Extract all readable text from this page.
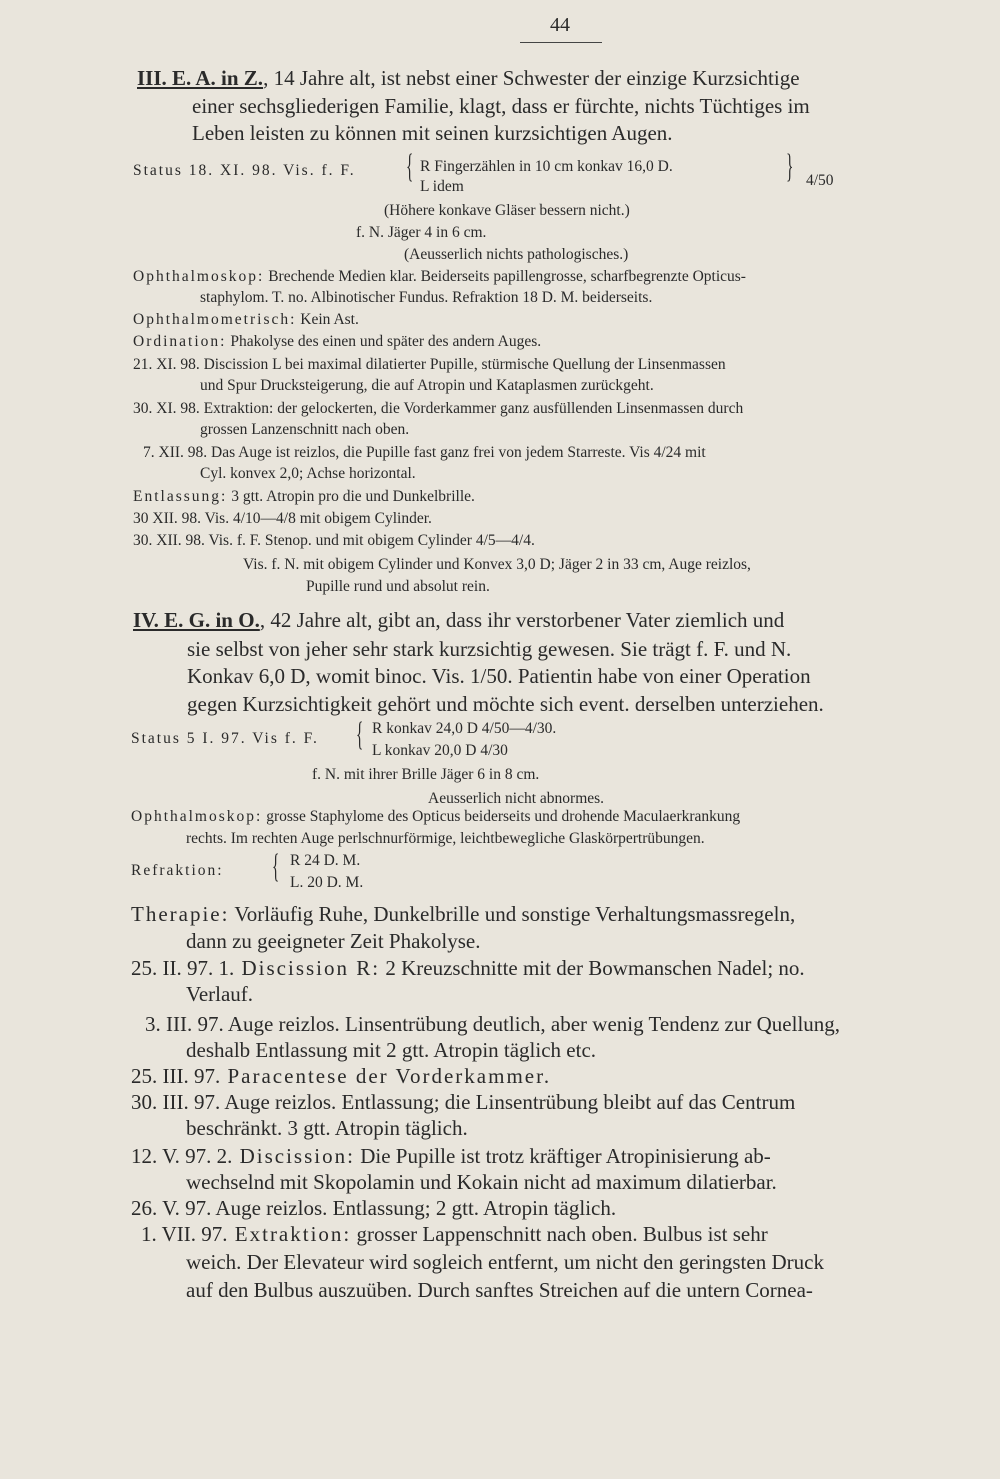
44
III. E. A. in Z., 14 Jahre alt, ist nebst einer Schwester der einzige Kurzsichtige
einer sechsgliederigen Familie, klagt, dass er fürchte, nichts Tüchtiges im
Leben leisten zu können mit seinen kurzsichtigen Augen.
Status 18. XI. 98. Vis. f. F. { R Fingerzählen in 10 cm konkav 16,0 D.
L idem
} 4/50
(Höhere konkave Gläser bessern nicht.)
f. N. Jäger 4 in 6 cm.
(Aeusserlich nichts pathologisches.)
Ophthalmoskop: Brechende Medien klar. Beiderseits papillengrosse, scharfbegrenzte Opticus-
staphylom. T. no. Albinotischer Fundus. Refraktion 18 D. M. beiderseits.
Ophthalmometrisch: Kein Ast.
Ordination: Phakolyse des einen und später des andern Auges.
21. XI. 98. Discission L bei maximal dilatierter Pupille, stürmische Quellung der Linsenmassen
und Spur Drucksteigerung, die auf Atropin und Kataplasmen zurückgeht.
30. XI. 98. Extraktion: der gelockerten, die Vorderkammer ganz ausfüllenden Linsenmassen durch
grossen Lanzenschnitt nach oben.
7. XII. 98. Das Auge ist reizlos, die Pupille fast ganz frei von jedem Starreste. Vis 4/24 mit
Cyl. konvex 2,0; Achse horizontal.
Entlassung: 3 gtt. Atropin pro die und Dunkelbrille.
30 XII. 98. Vis. 4/10—4/8 mit obigem Cylinder.
30. XII. 98. Vis. f. F. Stenop. und mit obigem Cylinder 4/5—4/4.
Vis. f. N. mit obigem Cylinder und Konvex 3,0 D; Jäger 2 in 33 cm, Auge reizlos,
Pupille rund und absolut rein.
IV. E. G. in O., 42 Jahre alt, gibt an, dass ihr verstorbener Vater ziemlich und
sie selbst von jeher sehr stark kurzsichtig gewesen. Sie trägt f. F. und N.
Konkav 6,0 D, womit binoc. Vis. 1/50. Patientin habe von einer Operation
gegen Kurzsichtigkeit gehört und möchte sich event. derselben unterziehen.
Status 5 I. 97. Vis f. F. { R konkav 24,0 D 4/50—4/30.
L konkav 20,0 D 4/30
f. N. mit ihrer Brille Jäger 6 in 8 cm.
Aeusserlich nicht abnormes.
Ophthalmoskop: grosse Staphylome des Opticus beiderseits und drohende Maculaerkrankung
rechts. Im rechten Auge perlschnurförmige, leichtbewegliche Glaskörpertrübungen.
Refraktion: { R 24 D. M.
L. 20 D. M.
Therapie: Vorläufig Ruhe, Dunkelbrille und sonstige Verhaltungsmassregeln,
dann zu geeigneter Zeit Phakolyse.
25. II. 97. 1. Discission R: 2 Kreuzschnitte mit der Bowmanschen Nadel; no.
Verlauf.
3. III. 97. Auge reizlos. Linsentrübung deutlich, aber wenig Tendenz zur Quellung,
deshalb Entlassung mit 2 gtt. Atropin täglich etc.
25. III. 97. Paracentese der Vorderkammer.
30. III. 97. Auge reizlos. Entlassung; die Linsentrübung bleibt auf das Centrum
beschränkt. 3 gtt. Atropin täglich.
12. V. 97. 2. Discission: Die Pupille ist trotz kräftiger Atropinisierung ab-
wechselnd mit Skopolamin und Kokain nicht ad maximum dilatierbar.
26. V. 97. Auge reizlos. Entlassung; 2 gtt. Atropin täglich.
1. VII. 97. Extraktion: grosser Lappenschnitt nach oben. Bulbus ist sehr
weich. Der Elevateur wird sogleich entfernt, um nicht den geringsten Druck
auf den Bulbus auszuüben. Durch sanftes Streichen auf die untern Cornea-
